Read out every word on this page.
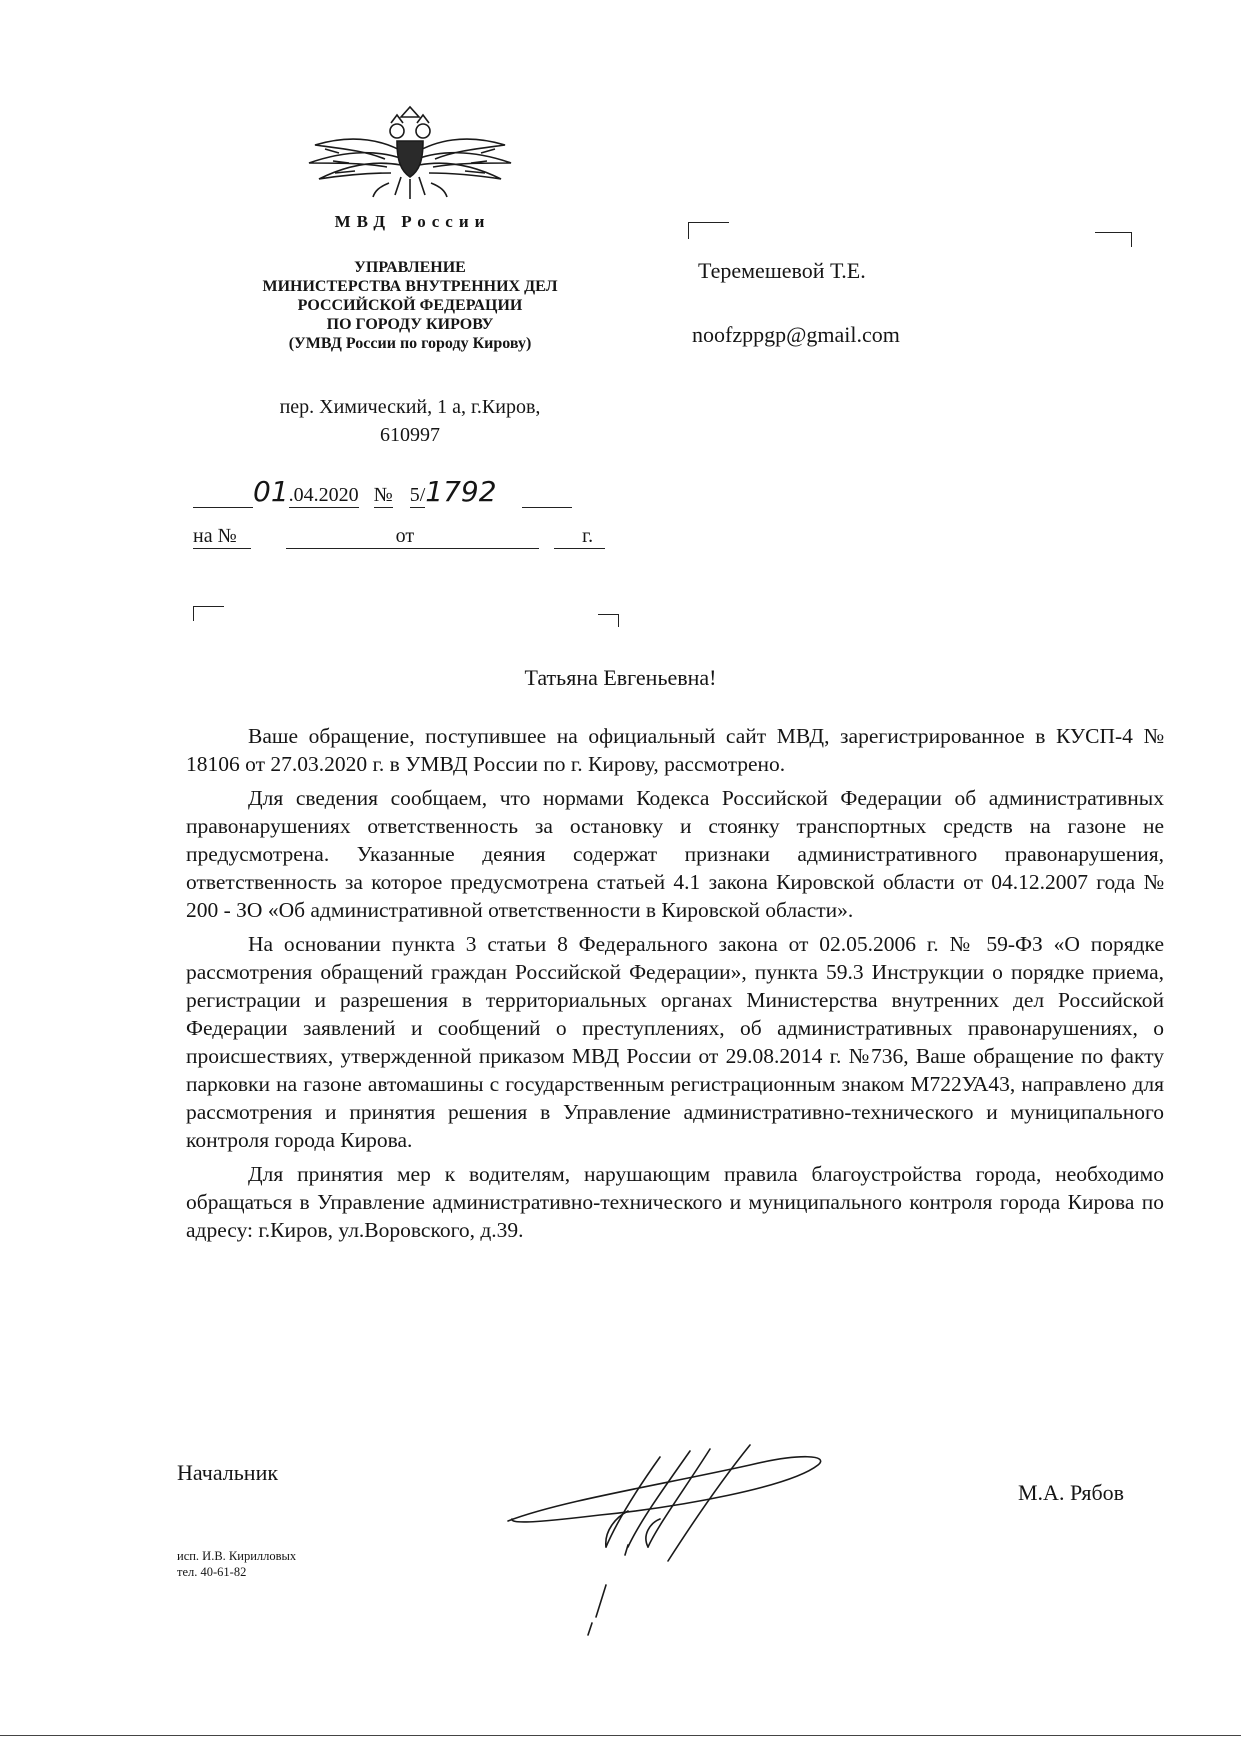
МВД России
УПРАВЛЕНИЕ
МИНИСТЕРСТВА ВНУТРЕННИХ ДЕЛ
РОССИЙСКОЙ ФЕДЕРАЦИИ
ПО ГОРОДУ КИРОВУ
(УМВД России по городу Кирову)
пер. Химический, 1 а, г.Киров,
610997
01.04.2020 № 5/1792
на №	от	г.
Теремешевой Т.Е.
noofzppgp@gmail.com
Татьяна Евгеньевна!

Ваше обращение, поступившее на официальный сайт МВД, зарегистрированное в КУСП-4 № 18106 от 27.03.2020 г. в УМВД России по г. Кирову, рассмотрено.

Для сведения сообщаем, что нормами Кодекса Российской Федерации об административных правонарушениях ответственность за остановку и стоянку транспортных средств на газоне не предусмотрена. Указанные деяния содержат признаки административного правонарушения, ответственность за которое предусмотрена статьей 4.1 закона Кировской области от 04.12.2007 года № 200 - ЗО «Об административной ответственности в Кировской области».

На основании пункта 3 статьи 8 Федерального закона от 02.05.2006 г. № 59-ФЗ «О порядке рассмотрения обращений граждан Российской Федерации», пункта 59.3 Инструкции о порядке приема, регистрации и разрешения в территориальных органах Министерства внутренних дел Российской Федерации заявлений и сообщений о преступлениях, об административных правонарушениях, о происшествиях, утвержденной приказом МВД России от 29.08.2014 г. №736, Ваше обращение по факту парковки на газоне автомашины с государственным регистрационным знаком М722УА43, направлено для рассмотрения и принятия решения в Управление административно-технического и муниципального контроля города Кирова.

Для принятия мер к водителям, нарушающим правила благоустройства города, необходимо обращаться в Управление административно-технического и муниципального контроля города Кирова по адресу: г.Киров, ул.Воровского, д.39.

Начальник
М.А. Рябов
исп. И.В. Кирилловых
тел. 40-61-82
